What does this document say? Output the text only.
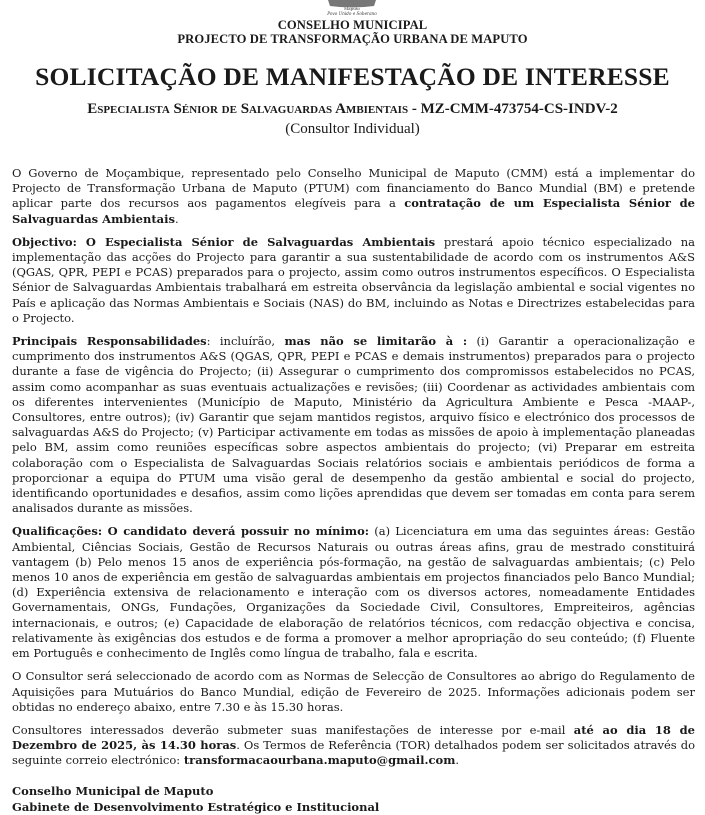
Maputo
Povo Unido e Soberano
CONSELHO MUNICIPAL
PROJECTO DE TRANSFORMAÇÃO URBANA DE MAPUTO
SOLICITAÇÃO DE MANIFESTAÇÃO DE INTERESSE
Especialista Sénior de Salvaguardas Ambientais - MZ-CMM-473754-CS-INDV-2
(Consultor Individual)

O Governo de Moçambique, representado pelo Conselho Municipal de Maputo (CMM) está a implementar do Projecto de Transformação Urbana de Maputo (PTUM) com financiamento do Banco Mundial (BM) e pretende aplicar parte dos recursos aos pagamentos elegíveis para a contratação de um Especialista Sénior de Salvaguardas Ambientais.

Objectivo: O Especialista Sénior de Salvaguardas Ambientais prestará apoio técnico especializado na implementação das acções do Projecto para garantir a sua sustentabilidade de acordo com os instrumentos A&S (QGAS, QPR, PEPI e PCAS) preparados para o projecto, assim como outros instrumentos específicos. O Especialista Sénior de Salvaguardas Ambientais trabalhará em estreita observância da legislação ambiental e social vigentes no País e aplicação das Normas Ambientais e Sociais (NAS) do BM, incluindo as Notas e Directrizes estabelecidas para o Projecto.

Principais Responsabilidades: incluírão, mas não se limitarão à : (i) Garantir a operacionalização e cumprimento dos instrumentos A&S (QGAS, QPR, PEPI e PCAS e demais instrumentos) preparados para o projecto durante a fase de vigência do Projecto; (ii) Assegurar o cumprimento dos compromissos estabelecidos no PCAS, assim como acompanhar as suas eventuais actualizações e revisões; (iii) Coordenar as actividades ambientais com os diferentes intervenientes (Município de Maputo, Ministério da Agricultura Ambiente e Pesca -MAAP-, Consultores, entre outros); (iv) Garantir que sejam mantidos registos, arquivo físico e electrónico dos processos de salvaguardas A&S do Projecto; (v) Participar activamente em todas as missões de apoio à implementação planeadas pelo BM, assim como reuniões específicas sobre aspectos ambientais do projecto; (vi) Preparar em estreita colaboração com o Especialista de Salvaguardas Sociais relatórios sociais e ambientais periódicos de forma a proporcionar a equipa do PTUM uma visão geral de desempenho da gestão ambiental e social do projecto, identificando oportunidades e desafios, assim como lições aprendidas que devem ser tomadas em conta para serem analisados durante as missões.

Qualificações: O candidato deverá possuir no mínimo: (a) Licenciatura em uma das seguintes áreas: Gestão Ambiental, Ciências Sociais, Gestão de Recursos Naturais ou outras áreas afins, grau de mestrado constituirá vantagem (b) Pelo menos 15 anos de experiência pós-formação, na gestão de salvaguardas ambientais; (c) Pelo menos 10 anos de experiência em gestão de salvaguardas ambientais em projectos financiados pelo Banco Mundial; (d) Experiência extensiva de relacionamento e interação com os diversos actores, nomeadamente Entidades Governamentais, ONGs, Fundações, Organizações da Sociedade Civil, Consultores, Empreiteiros, agências internacionais, e outros; (e) Capacidade de elaboração de relatórios técnicos, com redacção objectiva e concisa, relativamente às exigências dos estudos e de forma a promover a melhor apropriação do seu conteúdo; (f) Fluente em Português e conhecimento de Inglês como língua de trabalho, fala e escrita.

O Consultor será seleccionado de acordo com as Normas de Selecção de Consultores ao abrigo do Regulamento de Aquisições para Mutuários do Banco Mundial, edição de Fevereiro de 2025. Informações adicionais podem ser obtidas no endereço abaixo, entre 7.30 e às 15.30 horas.

Consultores interessados deverão submeter suas manifestações de interesse por e-mail até ao dia 18 de Dezembro de 2025, às 14.30 horas. Os Termos de Referência (TOR) detalhados podem ser solicitados através do seguinte correio electrónico: transformacaourbana.maputo@gmail.com.

Conselho Municipal de Maputo
Gabinete de Desenvolvimento Estratégico e Institucional
